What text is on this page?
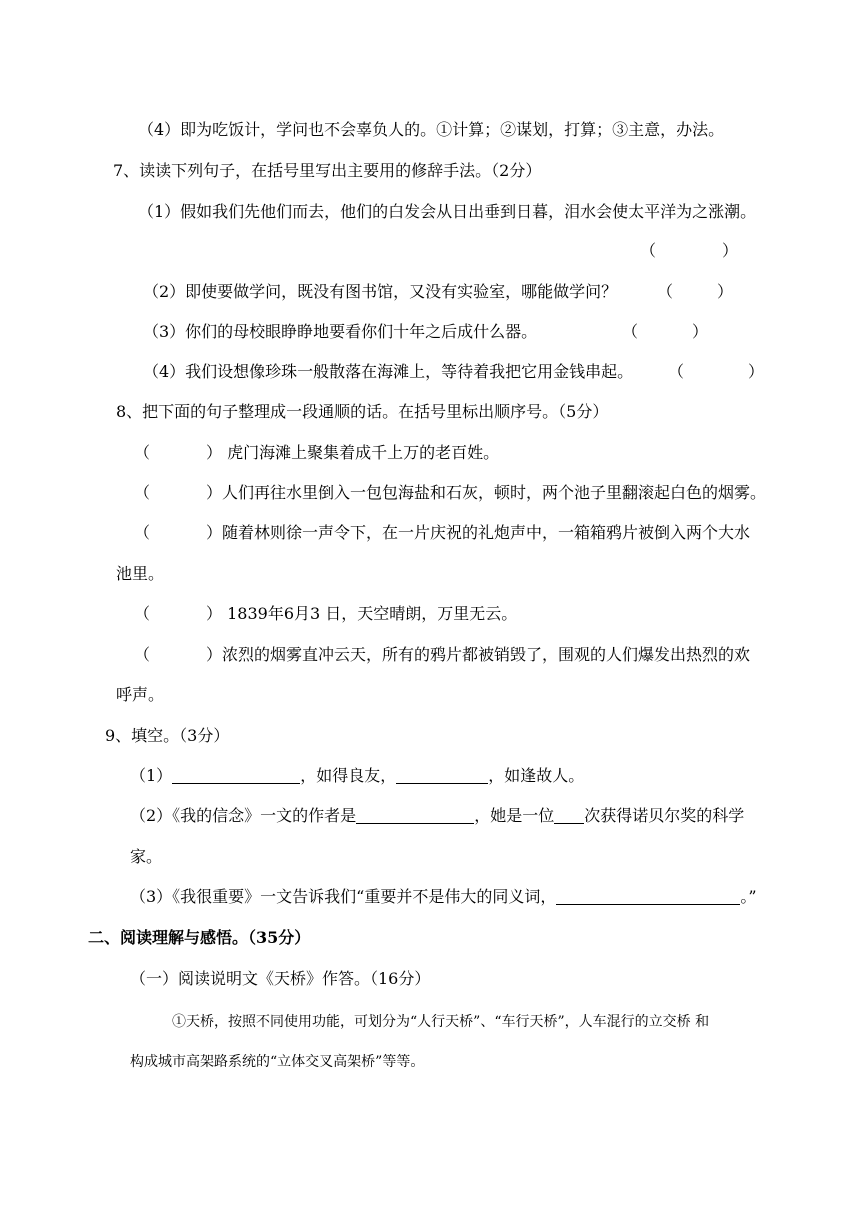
（4）即为吃饭计，学问也不会辜负人的。①计算；②谋划，打算；③主意，办法。
7、读读下列句子，在括号里写出主要用的修辞手法。（2分）
（1）假如我们先他们而去，他们的白发会从日出垂到日暮，泪水会使太平洋为之涨潮。
（	）
（2）即使要做学问，既没有图书馆，又没有实验室，哪能做学问？ （	）
（3）你们的母校眼睁睁地要看你们十年之后成什么器。	（	）
（4）我们设想像珍珠一般散落在海滩上，等待着我把它用金钱串起。 （	）
8、把下面的句子整理成一段通顺的话。在括号里标出顺序号。（5分）
（	） 虎门海滩上聚集着成千上万的老百姓。
（	）人们再往水里倒入一包包海盐和石灰，顿时，两个池子里翻滚起白色的烟雾。
（	）随着林则徐一声令下，在一片庆祝的礼炮声中，一箱箱鸦片被倒入两个大水
池里。
（	） 1839年6月3 日，天空晴朗，万里无云。
（	）浓烈的烟雾直冲云天，所有的鸦片都被销毁了，围观的人们爆发出热烈的欢
呼声。
9、填空。（3分）
（1）	，如得良友，	，如逢故人。
（2）《我的信念》一文的作者是	，她是一位 次获得诺贝尔奖的科学
家。
（3）《我很重要》一文告诉我们“重要并不是伟大的同义词，	。”
二、阅读理解与感悟。（35分）
（一）阅读说明文《天桥》作答。（16分）
①天桥，按照不同使用功能，可划分为“人行天桥”、“车行天桥”，人车混行的立交桥 和
构成城市高架路系统的“立体交叉高架桥”等等。
